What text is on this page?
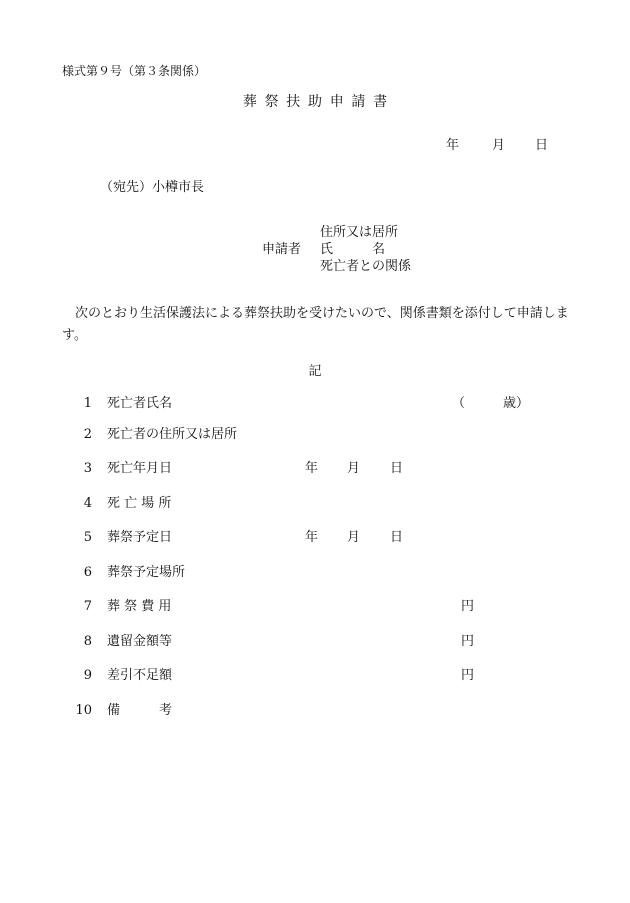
様式第９号（第３条関係）
葬祭扶助申請書
年	月 日
（宛先）小樽市長
申請者
住所又は居所
氏　　　名
死亡者との関係
次のとおり生活保護法による葬祭扶助を受けたいので、関係書類を添付して申請します。
記
1 死亡者氏名	（	歳）
2 死亡者の住所又は居所
3 死亡年月日	年 月 日
4 死 亡 場 所
5 葬祭予定日	年 月 日
6 葬祭予定場所
7 葬 祭 費 用	円
8 遺留金額等	円
9 差引不足額	円
10 備　　　考
